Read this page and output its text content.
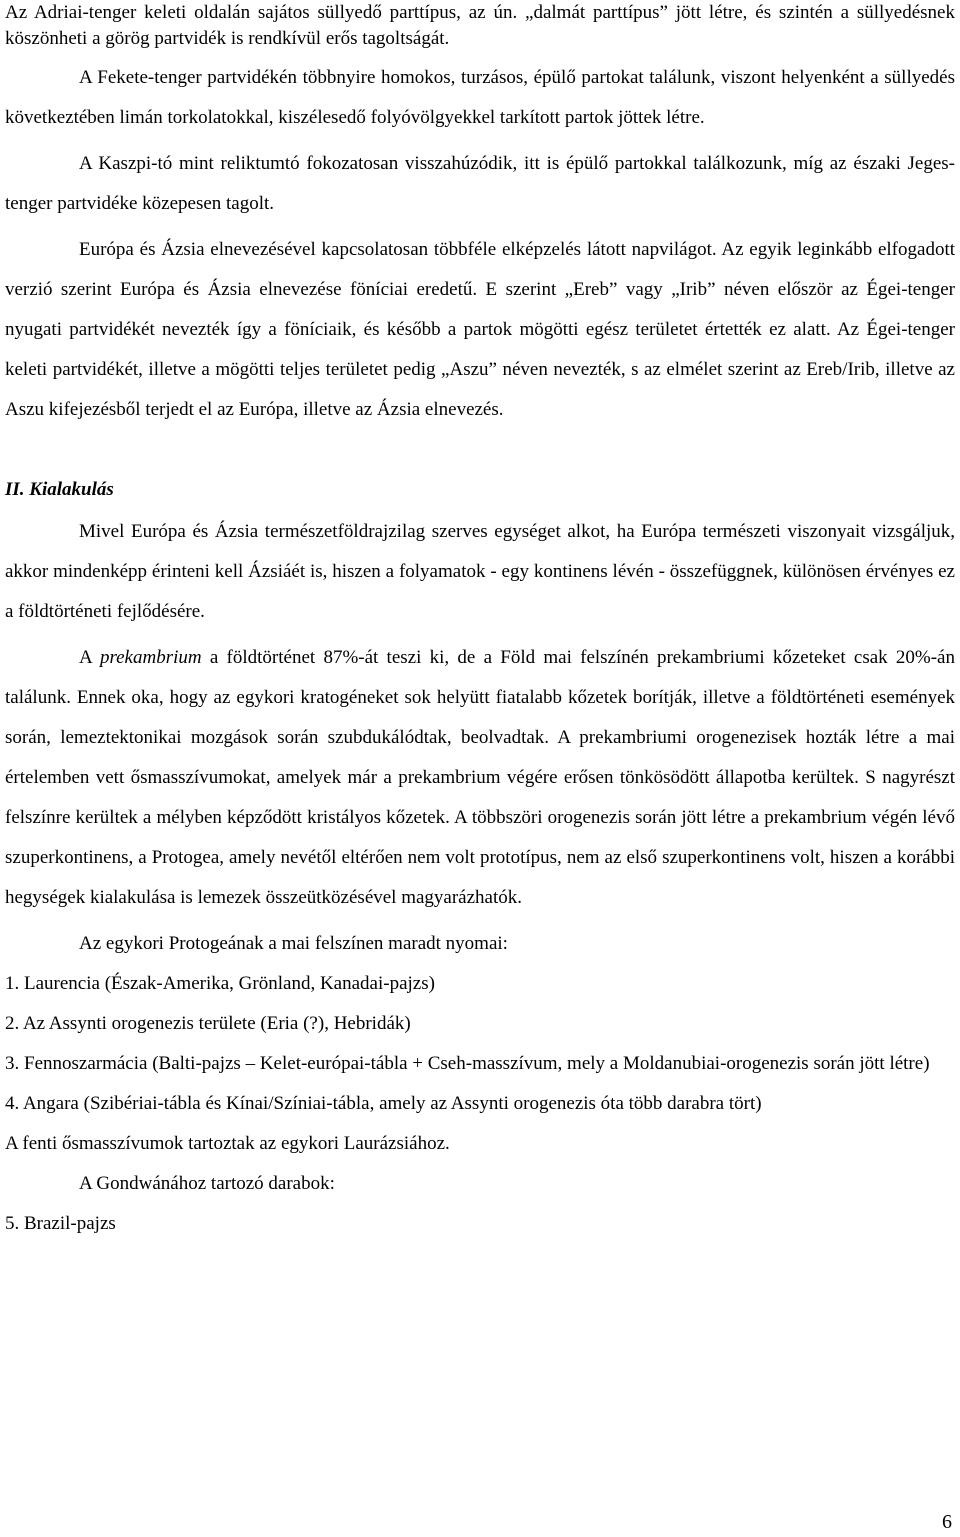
Az Adriai-tenger keleti oldalán sajátos süllyedő parttípus, az ún. „dalmát parttípus” jött létre, és szintén a süllyedésnek köszönheti a görög partvidék is rendkívül erős tagoltságát.

A Fekete-tenger partvidékén többnyire homokos, turzásos, épülő partokat találunk, viszont helyenként a süllyedés következtében limán torkolatokkal, kiszélesedő folyóvölgyekkel tarkított partok jöttek létre.

A Kaszpi-tó mint reliktumtó fokozatosan visszahúzódik, itt is épülő partokkal találkozunk, míg az északi Jeges-tenger partvidéke közepesen tagolt.

Európa és Ázsia elnevezésével kapcsolatosan többféle elképzelés látott napvilágot. Az egyik leginkább elfogadott verzió szerint Európa és Ázsia elnevezése föníciai eredetű. E szerint „Ereb” vagy „Irib” néven először az Égei-tenger nyugati partvidékét nevezték így a föníciaik, és később a partok mögötti egész területet értették ez alatt. Az Égei-tenger keleti partvidékét, illetve a mögötti teljes területet pedig „Aszu” néven nevezték, s az elmélet szerint az Ereb/Irib, illetve az Aszu kifejezésből terjedt el az Európa, illetve az Ázsia elnevezés.

II. Kialakulás

Mivel Európa és Ázsia természetföldrajzilag szerves egységet alkot, ha Európa természeti viszonyait vizsgáljuk, akkor mindenképp érinteni kell Ázsiáét is, hiszen a folyamatok - egy kontinens lévén - összefüggnek, különösen érvényes ez a földtörténeti fejlődésére.

A prekambrium a földtörténet 87%-át teszi ki, de a Föld mai felszínén prekambriumi kőzeteket csak 20%-án találunk. Ennek oka, hogy az egykori kratogéneket sok helyütt fiatalabb kőzetek borítják, illetve a földtörténeti események során, lemeztektonikai mozgások során szubdukálódtak, beolvadtak. A prekambriumi orogenezisek hozták létre a mai értelemben vett ősmasszívumokat, amelyek már a prekambrium végére erősen tönkösödött állapotba kerültek. S nagyrészt felszínre kerültek a mélyben képződött kristályos kőzetek. A többszöri orogenezis során jött létre a prekambrium végén lévő szuperkontinens, a Protogea, amely nevétől eltérően nem volt prototípus, nem az első szuperkontinens volt, hiszen a korábbi hegységek kialakulása is lemezek összeütközésével magyarázhatók.

Az egykori Protogeának a mai felszínen maradt nyomai:

1. Laurencia (Észak-Amerika, Grönland, Kanadai-pajzs)

2. Az Assynti orogenezis területe (Eria (?), Hebridák)

3. Fennoszarmácia (Balti-pajzs – Kelet-európai-tábla + Cseh-masszívum, mely a Moldanubiai-orogenezis során jött létre)

4. Angara (Szibériai-tábla és Kínai/Színiai-tábla, amely az Assynti orogenezis óta több darabra tört)

A fenti ősmasszívumok tartoztak az egykori Laurázsiához.

A Gondwánához tartozó darabok:

5. Brazil-pajzs

6
